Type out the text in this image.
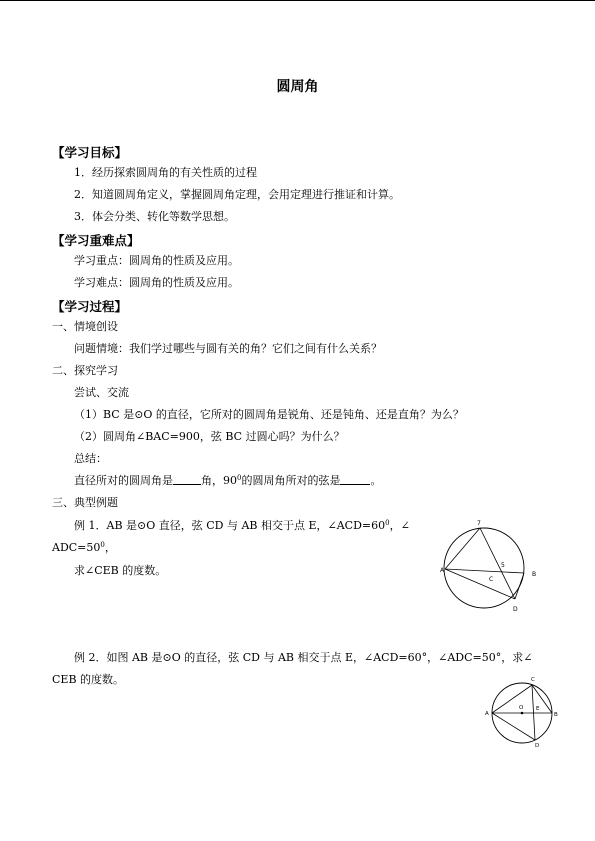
圆周角
【学习目标】
1．经历探索圆周角的有关性质的过程
2．知道圆周角定义，掌握圆周角定理，会用定理进行推证和计算。
3．体会分类、转化等数学思想。
【学习重难点】
学习重点：圆周角的性质及应用。
学习难点：圆周角的性质及应用。
【学习过程】
一、情境创设
问题情境：我们学过哪些与圆有关的角？它们之间有什么关系？
二、探究学习
尝试、交流
（1）BC 是⊙O 的直径，它所对的圆周角是锐角、还是钝角、还是直角？为么？
（2）圆周角∠BAC=900，弦 BC 过圆心吗？为什么？
总结：
直径所对的圆周角是	角，$90^0$的圆周角所对的弦是	。
三、典型例题
例 1．AB 是⊙O 直径，弦 CD 与 AB 相交于点 E，$\angle ACD=60^0$，∠
$ADC=50^0$，
求∠CEB 的度数。
7
A
C
5
B
D
例 2．如图 AB 是⊙O 的直径，弦 CD 与 AB 相交于点 E，∠ACD=60°，∠ADC=50°，求∠
CEB 的度数。
A	B
C
D
O E
